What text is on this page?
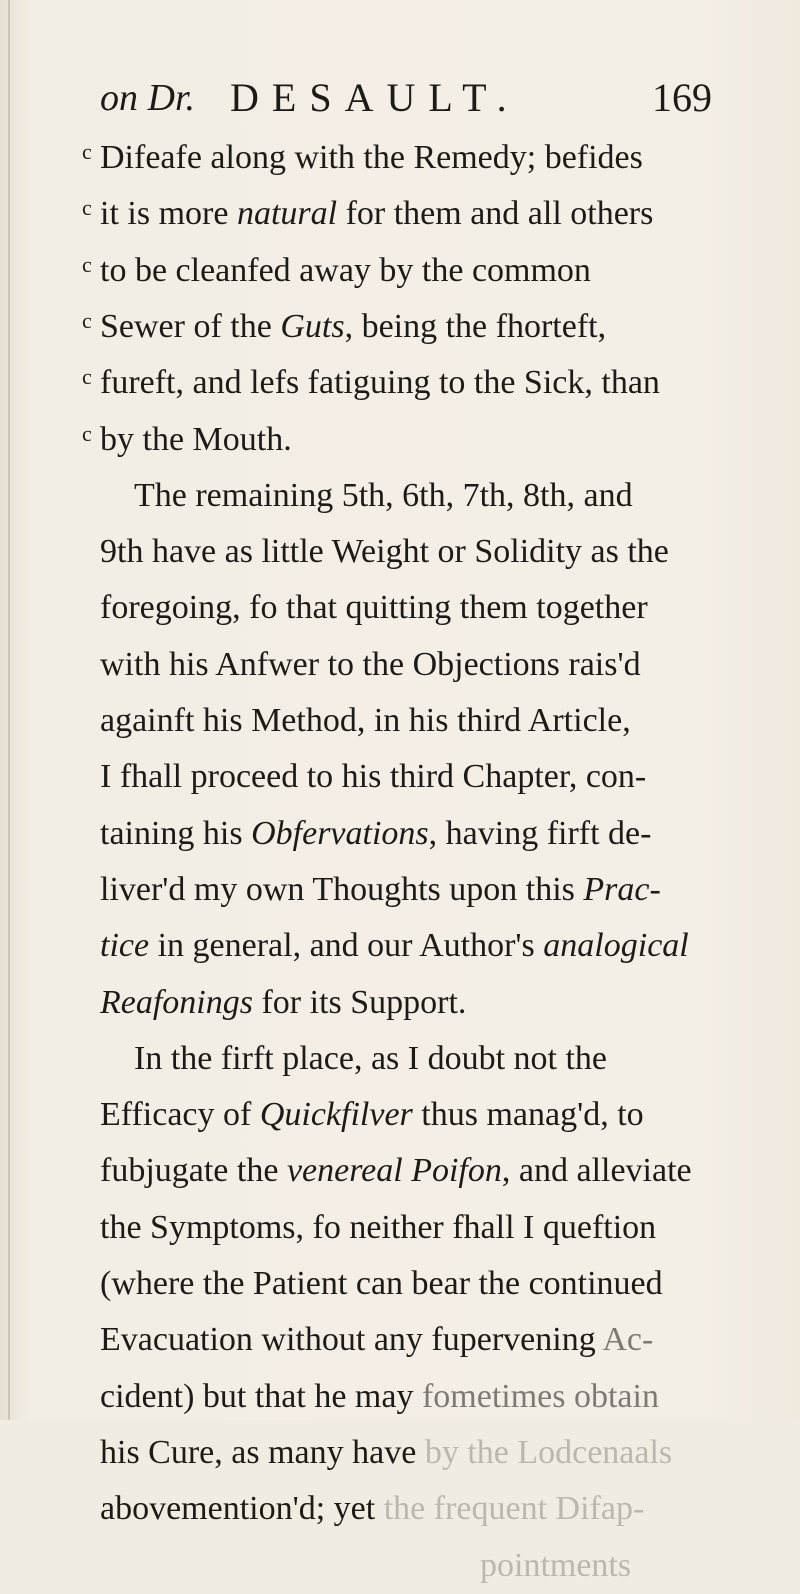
on Dr. DESAULT.	169
c Difeafe along with the Remedy; befides
c it is more natural for them and all others
c to be cleanfed away by the common
c Sewer of the Guts, being the fhorteft,
c fureft, and lefs fatiguing to the Sick, than
c by the Mouth.
The remaining 5th, 6th, 7th, 8th, and
9th have as little Weight or Solidity as the
foregoing, fo that quitting them together
with his Anfwer to the Objections rais'd
againft his Method, in his third Article,
I fhall proceed to his third Chapter, con-
taining his Obfervations, having firft de-
liver'd my own Thoughts upon this Prac-
tice in general, and our Author's analogical
Reafonings for its Support.
In the firft place, as I doubt not the
Efficacy of Quickfilver thus manag'd, to
fubjugate the venereal Poifon, and alleviate
the Symptoms, fo neither fhall I queftion
(where the Patient can bear the continued
Evacuation without any fupervening Ac-
cident) but that he may fometimes obtain
his Cure, as many have by the Lodcenaals
abovemention'd; yet the frequent Difap-
pointments
